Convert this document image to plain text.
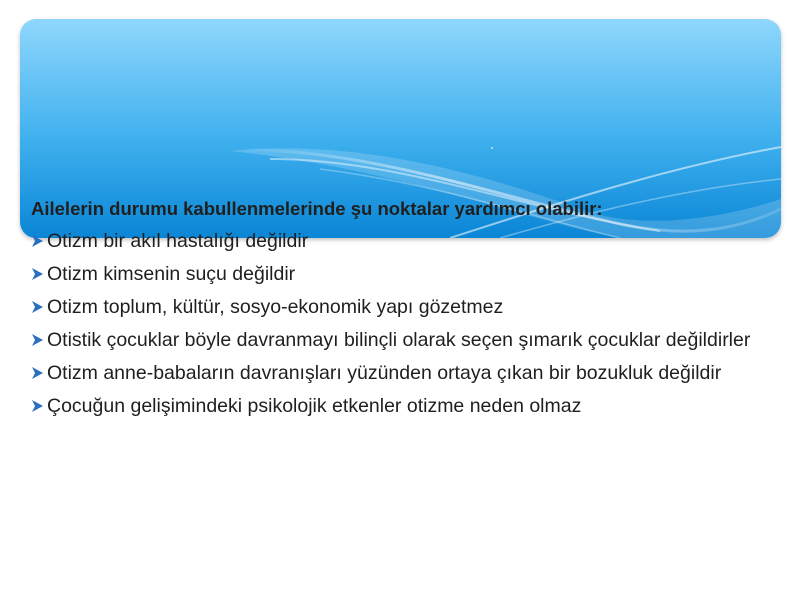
Ailelerin durumu kabullenmelerinde şu noktalar yardımcı olabilir:

Otizm bir akıl hastalığı değildir
Otizm kimsenin suçu değildir
Otizm toplum, kültür, sosyo-ekonomik yapı gözetmez
Otistik çocuklar böyle davranmayı bilinçli olarak seçen şımarık çocuklar değildirler
Otizm anne-babaların davranışları yüzünden ortaya çıkan bir bozukluk değildir
Çocuğun gelişimindeki psikolojik etkenler otizme neden olmaz
